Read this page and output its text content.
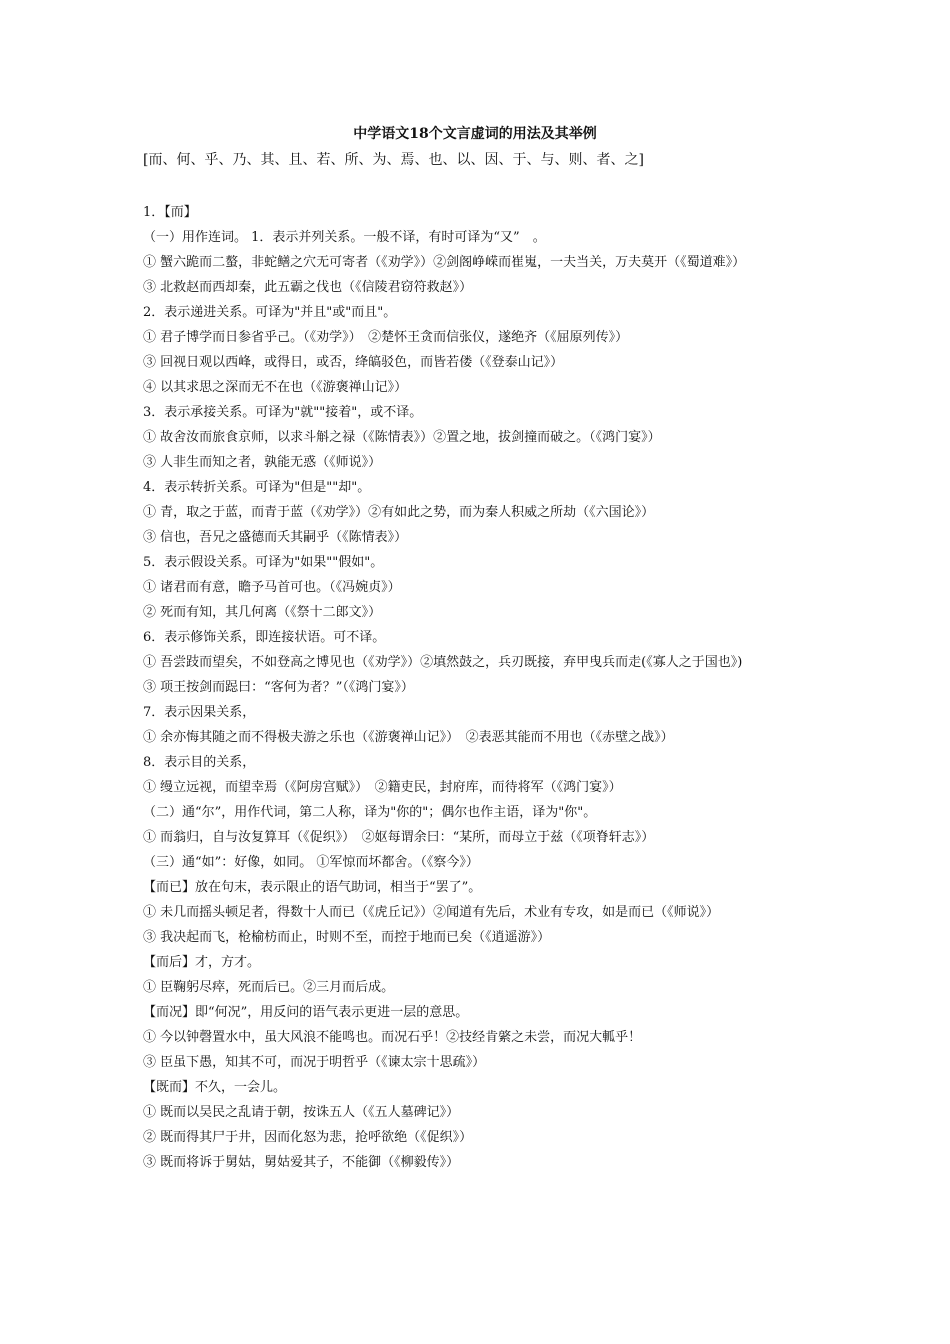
中学语文18个文言虚词的用法及其举例
[而、何、乎、乃、其、且、若、所、为、焉、也、以、因、于、与、则、者、之]
1．【而】
（一）用作连词。 1．表示并列关系。一般不译，有时可译为“又”　。
① 蟹六跪而二螯，非蛇鳝之穴无可寄者（《劝学》）②剑阁峥嵘而崔嵬，一夫当关，万夫莫开（《蜀道难》）
③ 北救赵而西却秦，此五霸之伐也（《信陵君窃符救赵》）
2．表示递进关系。可译为"并且"或"而且"。
① 君子博学而日参省乎己。（《劝学》）　②楚怀王贪而信张仪，遂绝齐（《屈原列传》）
③ 回视日观以西峰，或得日，或否，绛皜驳色，而皆若偻（《登泰山记》）
④ 以其求思之深而无不在也（《游褒禅山记》）
3．表示承接关系。可译为"就""接着"，或不译。
① 故舍汝而旅食京师，以求斗斛之禄（《陈情表》）②置之地，拔剑撞而破之。（《鸿门宴》）
③ 人非生而知之者，孰能无惑（《师说》）
4．表示转折关系。可译为"但是""却"。
① 青，取之于蓝，而青于蓝（《劝学》）②有如此之势，而为秦人积威之所劫（《六国论》）
③ 信也，吾兄之盛德而夭其嗣乎（《陈情表》）
5．表示假设关系。可译为"如果""假如"。
① 诸君而有意，瞻予马首可也。（《冯婉贞》）
② 死而有知，其几何离（《祭十二郎文》）
6．表示修饰关系，即连接状语。可不译。
① 吾尝跂而望矣，不如登高之博见也（《劝学》）②填然鼓之，兵刃既接，弃甲曳兵而走(《寡人之于国也》)
③ 项王按剑而跽曰：“客何为者？”（《鸿门宴》）
7．表示因果关系，
① 余亦悔其随之而不得极夫游之乐也（《游褒禅山记》）　②表恶其能而不用也（《赤壁之战》）
8．表示目的关系，
① 缦立远视，而望幸焉（《阿房宫赋》）　②籍吏民，封府库，而待将军（《鸿门宴》）
（二）通“尔”，用作代词，第二人称，译为"你的"；偶尔也作主语，译为"你"。
① 而翁归，自与汝复算耳（《促织》）　②妪每谓余曰：“某所，而母立于兹（《项脊轩志》）
（三）通“如”：好像，如同。 ①军惊而坏都舍。（《察今》）
【而已】放在句末，表示限止的语气助词，相当于“罢了”。
① 未几而摇头顿足者，得数十人而已（《虎丘记》）②闻道有先后，术业有专攻，如是而已（《师说》）
③ 我决起而飞，枪榆枋而止，时则不至，而控于地而已矣（《逍遥游》）
【而后】才，方才。
① 臣鞠躬尽瘁，死而后已。②三月而后成。
【而况】即“何况”，用反问的语气表示更进一层的意思。
① 今以钟磬置水中，虽大风浪不能鸣也。而况石乎！②技经肯綮之未尝，而况大軱乎！
③ 臣虽下愚，知其不可，而况于明哲乎（《谏太宗十思疏》）
【既而】不久，一会儿。
① 既而以吴民之乱请于朝，按诛五人（《五人墓碑记》）
② 既而得其尸于井，因而化怒为悲，抢呼欲绝（《促织》）
③ 既而将诉于舅姑，舅姑爱其子，不能御（《柳毅传》）
